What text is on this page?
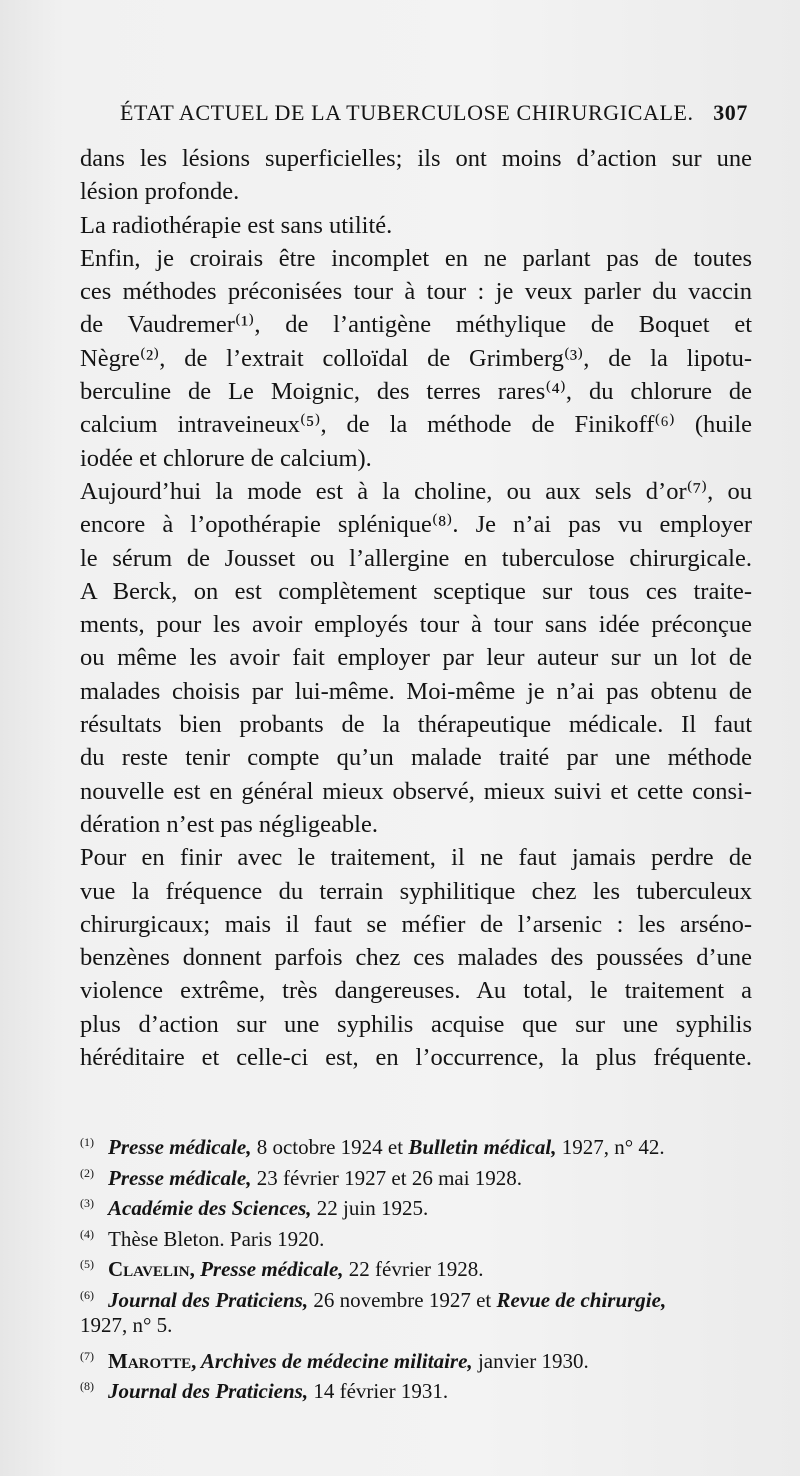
ÉTAT ACTUEL DE LA TUBERCULOSE CHIRURGICALE. 307
dans les lésions superficielles; ils ont moins d’action sur une
lésion profonde.
La radiothérapie est sans utilité.
Enfin, je croirais être incomplet en ne parlant pas de toutes
ces méthodes préconisées tour à tour : je veux parler du vaccin
de Vaudremer⁽¹⁾, de l’antigène méthylique de Boquet et
Nègre⁽²⁾, de l’extrait colloïdal de Grimberg⁽³⁾, de la lipotu-
berculine de Le Moignic, des terres rares⁽⁴⁾, du chlorure de
calcium intraveineux⁽⁵⁾, de la méthode de Finikoff⁽⁶⁾ (huile
iodée et chlorure de calcium).
Aujourd’hui la mode est à la choline, ou aux sels d’or⁽⁷⁾, ou
encore à l’opothérapie splénique⁽⁸⁾. Je n’ai pas vu employer
le sérum de Jousset ou l’allergine en tuberculose chirurgicale.
A Berck, on est complètement sceptique sur tous ces traite-
ments, pour les avoir employés tour à tour sans idée préconçue
ou même les avoir fait employer par leur auteur sur un lot de
malades choisis par lui-même. Moi-même je n’ai pas obtenu de
résultats bien probants de la thérapeutique médicale. Il faut
du reste tenir compte qu’un malade traité par une méthode
nouvelle est en général mieux observé, mieux suivi et cette consi-
dération n’est pas négligeable.
Pour en finir avec le traitement, il ne faut jamais perdre de
vue la fréquence du terrain syphilitique chez les tuberculeux
chirurgicaux; mais il faut se méfier de l’arsenic : les arséno-
benzènes donnent parfois chez ces malades des poussées d’une
violence extrême, très dangereuses. Au total, le traitement a
plus d’action sur une syphilis acquise que sur une syphilis
héréditaire et celle-ci est, en l’occurrence, la plus fréquente.
(1) Presse médicale, 8 octobre 1924 et Bulletin médical, 1927, n° 42.
(2) Presse médicale, 23 février 1927 et 26 mai 1928.
(3) Académie des Sciences, 22 juin 1925.
(4) Thèse Bleton. Paris 1920.
(5) Clavelin, Presse médicale, 22 février 1928.
(6) Journal des Praticiens, 26 novembre 1927 et Revue de chirurgie,
1927, n° 5.
(7) Marotte, Archives de médecine militaire, janvier 1930.
(8) Journal des Praticiens, 14 février 1931.
